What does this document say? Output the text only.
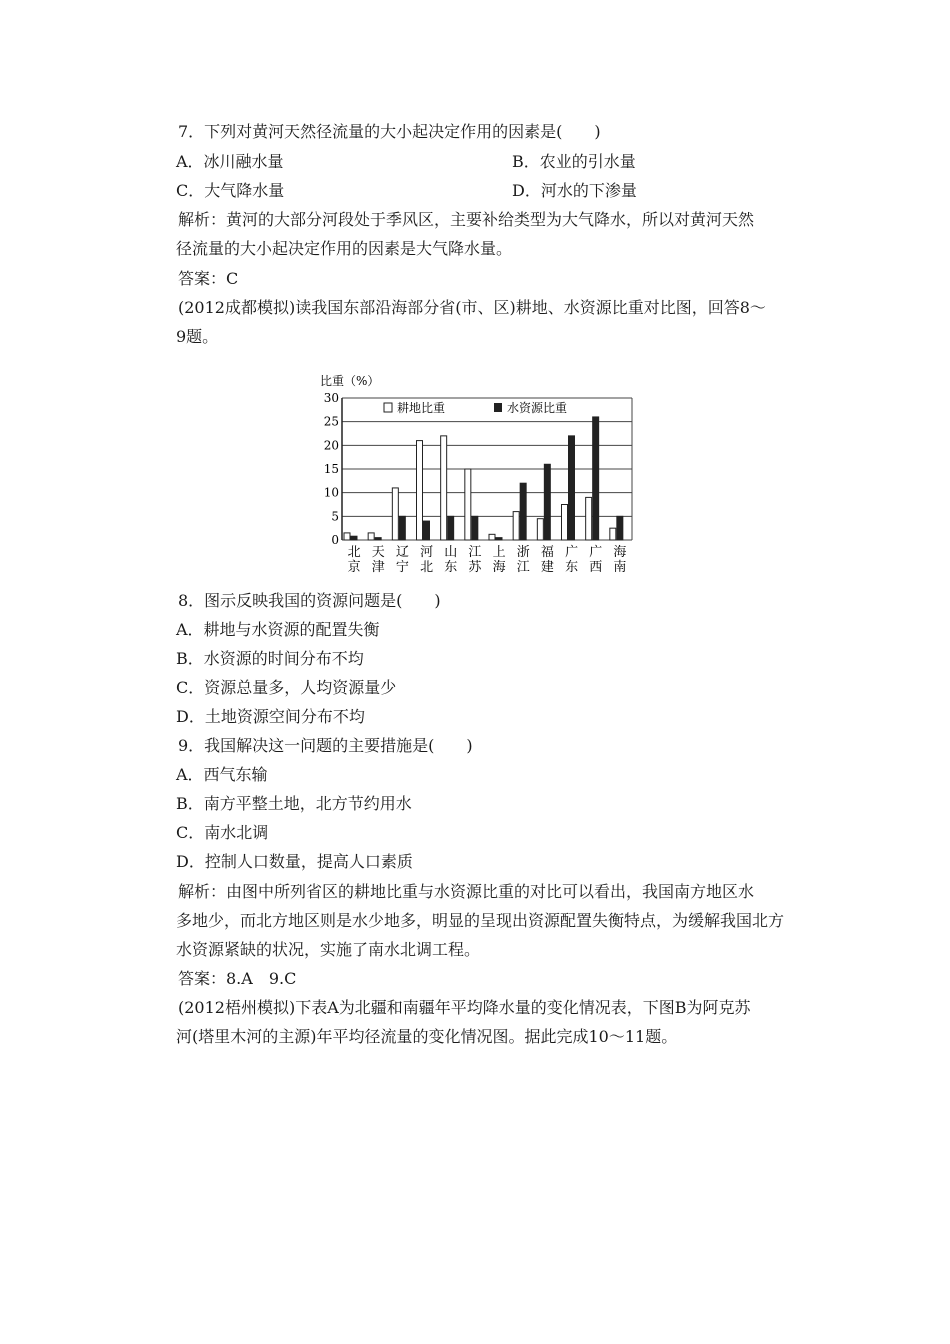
7．下列对黄河天然径流量的大小起决定作用的因素是(　　)
A．冰川融水量	B．农业的引水量
C．大气降水量	D．河水的下渗量
解析：黄河的大部分河段处于季风区，主要补给类型为大气降水，所以对黄河天然
径流量的大小起决定作用的因素是大气降水量。
答案：C
(2012成都模拟)读我国东部沿海部分省(市、区)耕地、水资源比重对比图，回答8～
9题。
比重（%）
0
5
10
15
20
25
30
北
京
天
津
辽
宁
河
北
山
东
江
苏
上
海
浙
江
福
建
广
东
广
西
海
南
耕地比重	水资源比重
8．图示反映我国的资源问题是(　　)
A．耕地与水资源的配置失衡
B．水资源的时间分布不均
C．资源总量多，人均资源量少
D．土地资源空间分布不均
9．我国解决这一问题的主要措施是(　　)
A．西气东输
B．南方平整土地，北方节约用水
C．南水北调
D．控制人口数量，提高人口素质
解析：由图中所列省区的耕地比重与水资源比重的对比可以看出，我国南方地区水
多地少，而北方地区则是水少地多，明显的呈现出资源配置失衡特点，为缓解我国北方
水资源紧缺的状况，实施了南水北调工程。
答案：8.A　9.C
(2012梧州模拟)下表A为北疆和南疆年平均降水量的变化情况表，下图B为阿克苏
河(塔里木河的主源)年平均径流量的变化情况图。据此完成10～11题。
